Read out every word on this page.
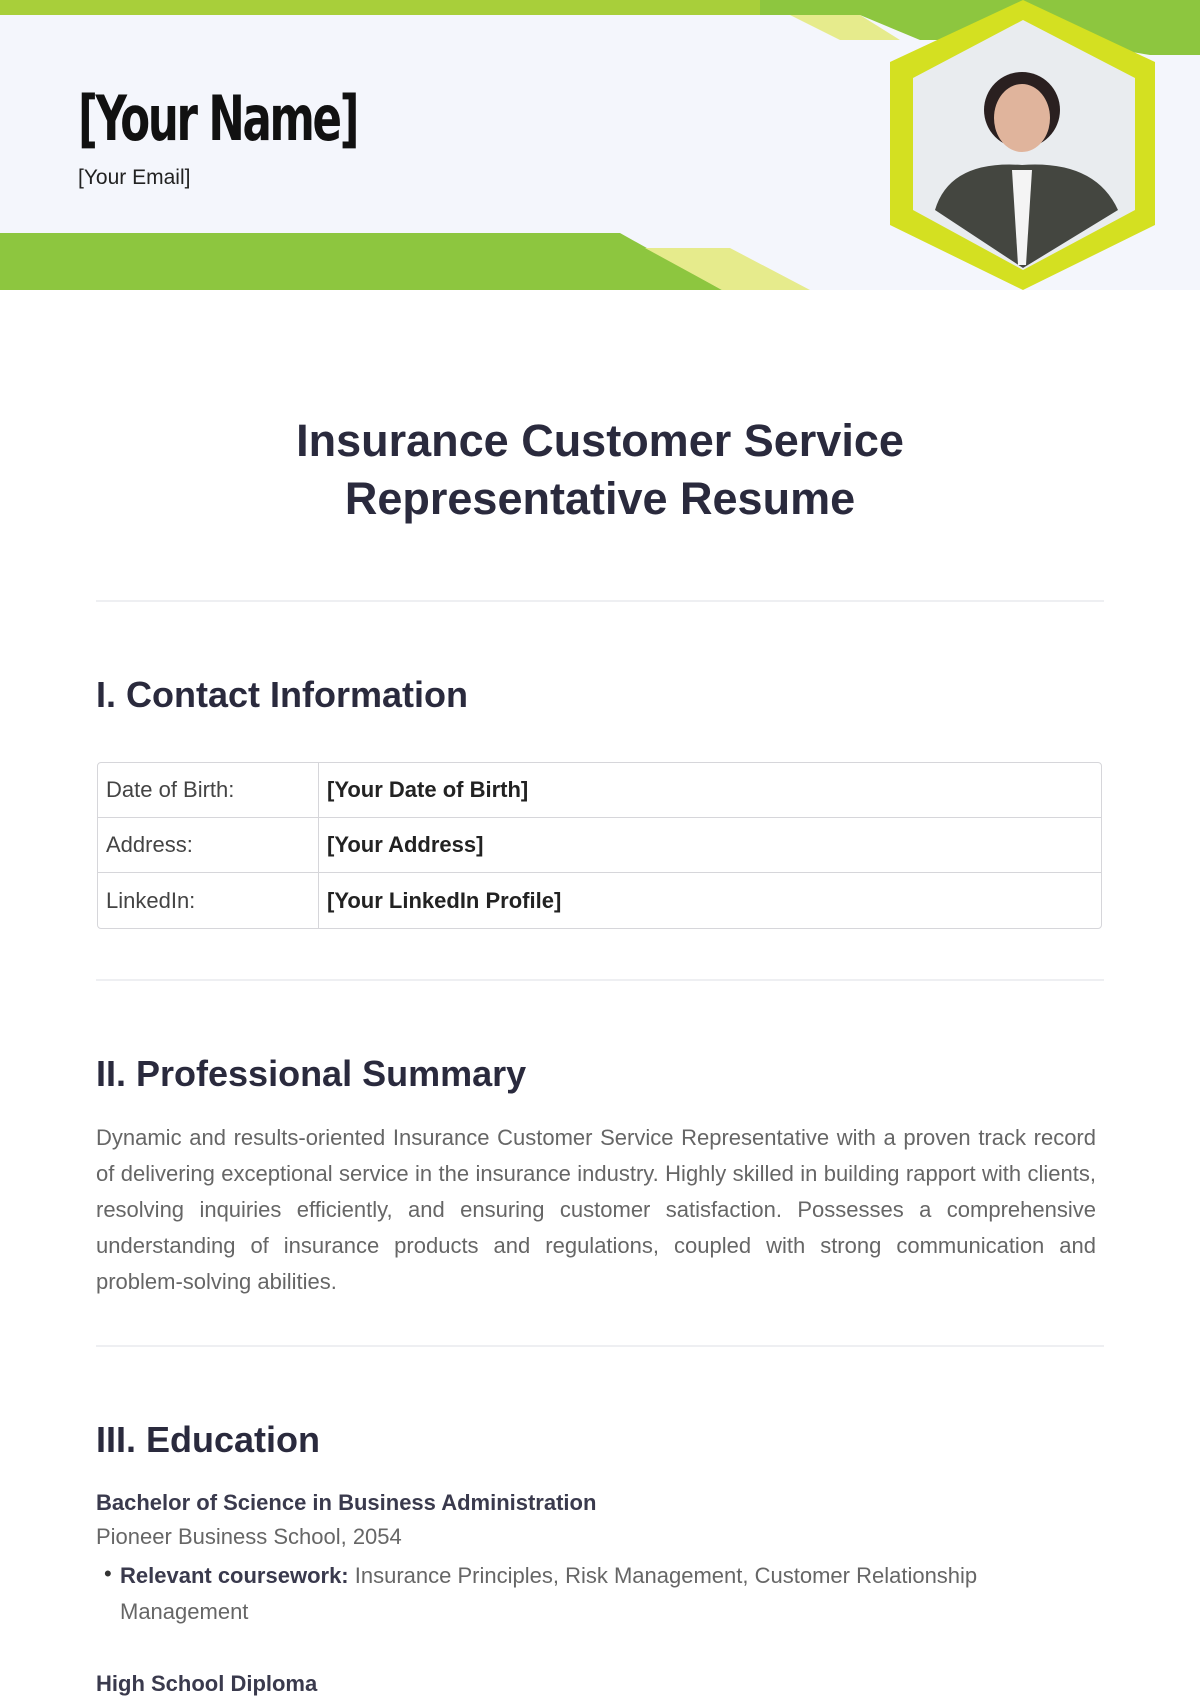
[Your Name]
[Your Email]
Insurance Customer Service
Representative Resume
I. Contact Information
Date of Birth:	[Your Date of Birth]
Address:	[Your Address]
LinkedIn:	[Your LinkedIn Profile]
II. Professional Summary
Dynamic and results-oriented Insurance Customer Service Representative with a proven track record of delivering exceptional service in the insurance industry. Highly skilled in building rapport with clients, resolving inquiries efficiently, and ensuring customer satisfaction. Possesses a comprehensive understanding of insurance products and regulations, coupled with strong communication and problem-solving abilities.
III. Education
Bachelor of Science in Business Administration
Pioneer Business School, 2054
• Relevant coursework: Insurance Principles, Risk Management, Customer Relationship Management
High School Diploma
